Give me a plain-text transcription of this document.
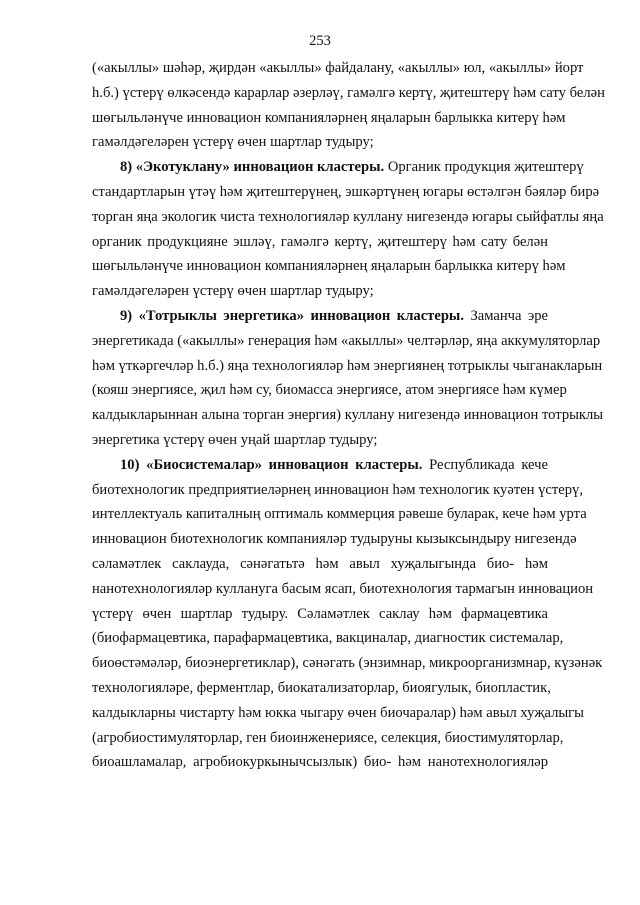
253
(«акыллы» шәһәр, җирдән «акыллы» файдалану, «акыллы» юл, «акыллы» йорт
һ.б.) үстерү өлкәсендә карарлар әзерләү, гамәлгә кертү, җитештерү һәм сату белән
шөгыльләнүче инновацион компанияләрнең яңаларын барлыкка китерү һәм
гамәлдәгеләрен үстерү өчен шартлар тудыру;
8) «Экотуклану» инновацион кластеры. Органик продукция җитештерү
стандартларын үтәү һәм җитештерүнең, эшкәртүнең югары өстәлгән бәяләр бирә
торган яңа экологик чиста технологияләр куллану нигезендә югары сыйфатлы яңа
органик продукцияне эшләү, гамәлгә кертү, җитештерү һәм сату белән
шөгыльләнүче инновацион компанияләрнең яңаларын барлыкка китерү һәм
гамәлдәгеләрен үстерү өчен шартлар тудыру;
9) «Тотрыклы энергетика» инновацион кластеры. Заманча эре
энергетикада («акыллы» генерация һәм «акыллы» челтәрләр, яңа аккумуляторлар
һәм үткәргечләр һ.б.) яңа технологияләр һәм энергиянең тотрыклы чыганакларын
(кояш энергиясе, җил һәм су, биомасса энергиясе, атом энергиясе һәм күмер
калдыкларыннан алына торган энергия) куллану нигезендә инновацион тотрыклы
энергетика үстерү өчен уңай шартлар тудыру;
10) «Биосистемалар» инновацион кластеры. Республикада кече
биотехнологик предприятиеләрнең инновацион һәм технологик куәтен үстерү,
интеллектуаль капиталның оптималь коммерция рәвеше буларак, кече һәм урта
инновацион биотехнологик компанияләр тудыруны кызыксындыру нигезендә
сәламәтлек саклауда, сәнәгатьтә һәм авыл хуҗалыгында био- һәм
нанотехнологияләр куллануга басым ясап, биотехнология тармагын инновацион
үстерү өчен шартлар тудыру. Сәламәтлек саклау һәм фармацевтика
(биофармацевтика, парафармацевтика, вакциналар, диагностик системалар,
биоөстәмәләр, биоэнергетиклар), сәнәгать (энзимнар, микроорганизмнар, күзәнәк
технологияләре, ферментлар, биокатализаторлар, биоягулык, биопластик,
калдыкларны чистарту һәм юкка чыгару өчен биочаралар) һәм авыл хуҗалыгы
(агробиостимуляторлар, ген биоинженериясе, селекция, биостимуляторлар,
биоашламалар, агробиокуркынычсызлык) био- һәм нанотехнологияләр
